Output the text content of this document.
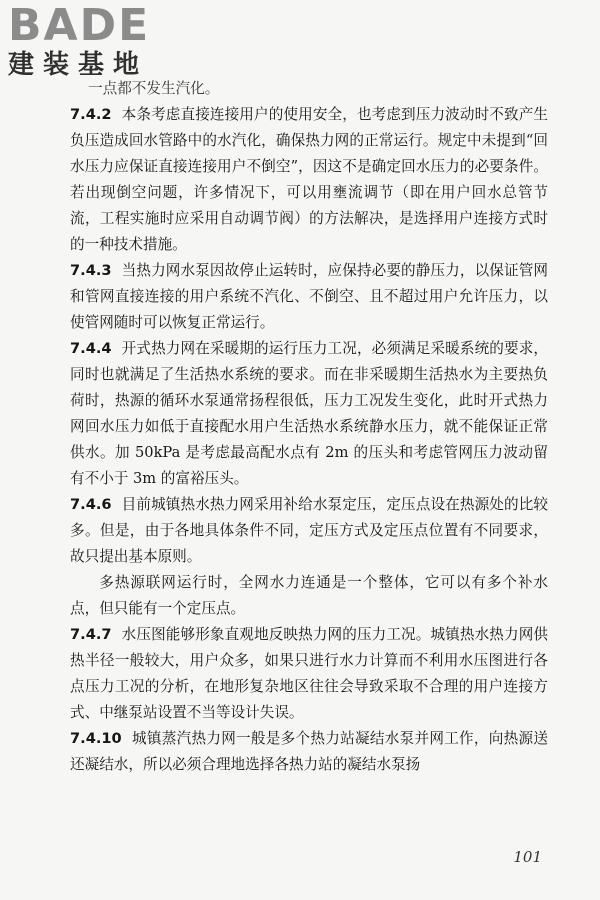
BADE
建装基地

一点都不发生汽化。

7.4.2 本条考虑直接连接用户的使用安全，也考虑到压力波动时不致产生负压造成回水管路中的水汽化，确保热力网的正常运行。规定中未提到“回水压力应保证直接连接用户不倒空”，因这不是确定回水压力的必要条件。若出现倒空问题，许多情况下，可以用壅流调节（即在用户回水总管节流，工程实施时应采用自动调节阀）的方法解决，是选择用户连接方式时的一种技术措施。

7.4.3 当热力网水泵因故停止运转时，应保持必要的静压力，以保证管网和管网直接连接的用户系统不汽化、不倒空、且不超过用户允许压力，以使管网随时可以恢复正常运行。

7.4.4 开式热力网在采暖期的运行压力工况，必须满足采暖系统的要求，同时也就满足了生活热水系统的要求。而在非采暖期生活热水为主要热负荷时，热源的循环水泵通常扬程很低，压力工况发生变化，此时开式热力网回水压力如低于直接配水用户生活热水系统静水压力，就不能保证正常供水。加 50kPa 是考虑最高配水点有 2m 的压头和考虑管网压力波动留有不小于 3m 的富裕压头。

7.4.6 目前城镇热水热力网采用补给水泵定压，定压点设在热源处的比较多。但是，由于各地具体条件不同，定压方式及定压点位置有不同要求，故只提出基本原则。

多热源联网运行时，全网水力连通是一个整体，它可以有多个补水点，但只能有一个定压点。

7.4.7 水压图能够形象直观地反映热力网的压力工况。城镇热水热力网供热半径一般较大，用户众多，如果只进行水力计算而不利用水压图进行各点压力工况的分析，在地形复杂地区往往会导致采取不合理的用户连接方式、中继泵站设置不当等设计失误。

7.4.10 城镇蒸汽热力网一般是多个热力站凝结水泵并网工作，向热源送还凝结水，所以必须合理地选择各热力站的凝结水泵扬

101
